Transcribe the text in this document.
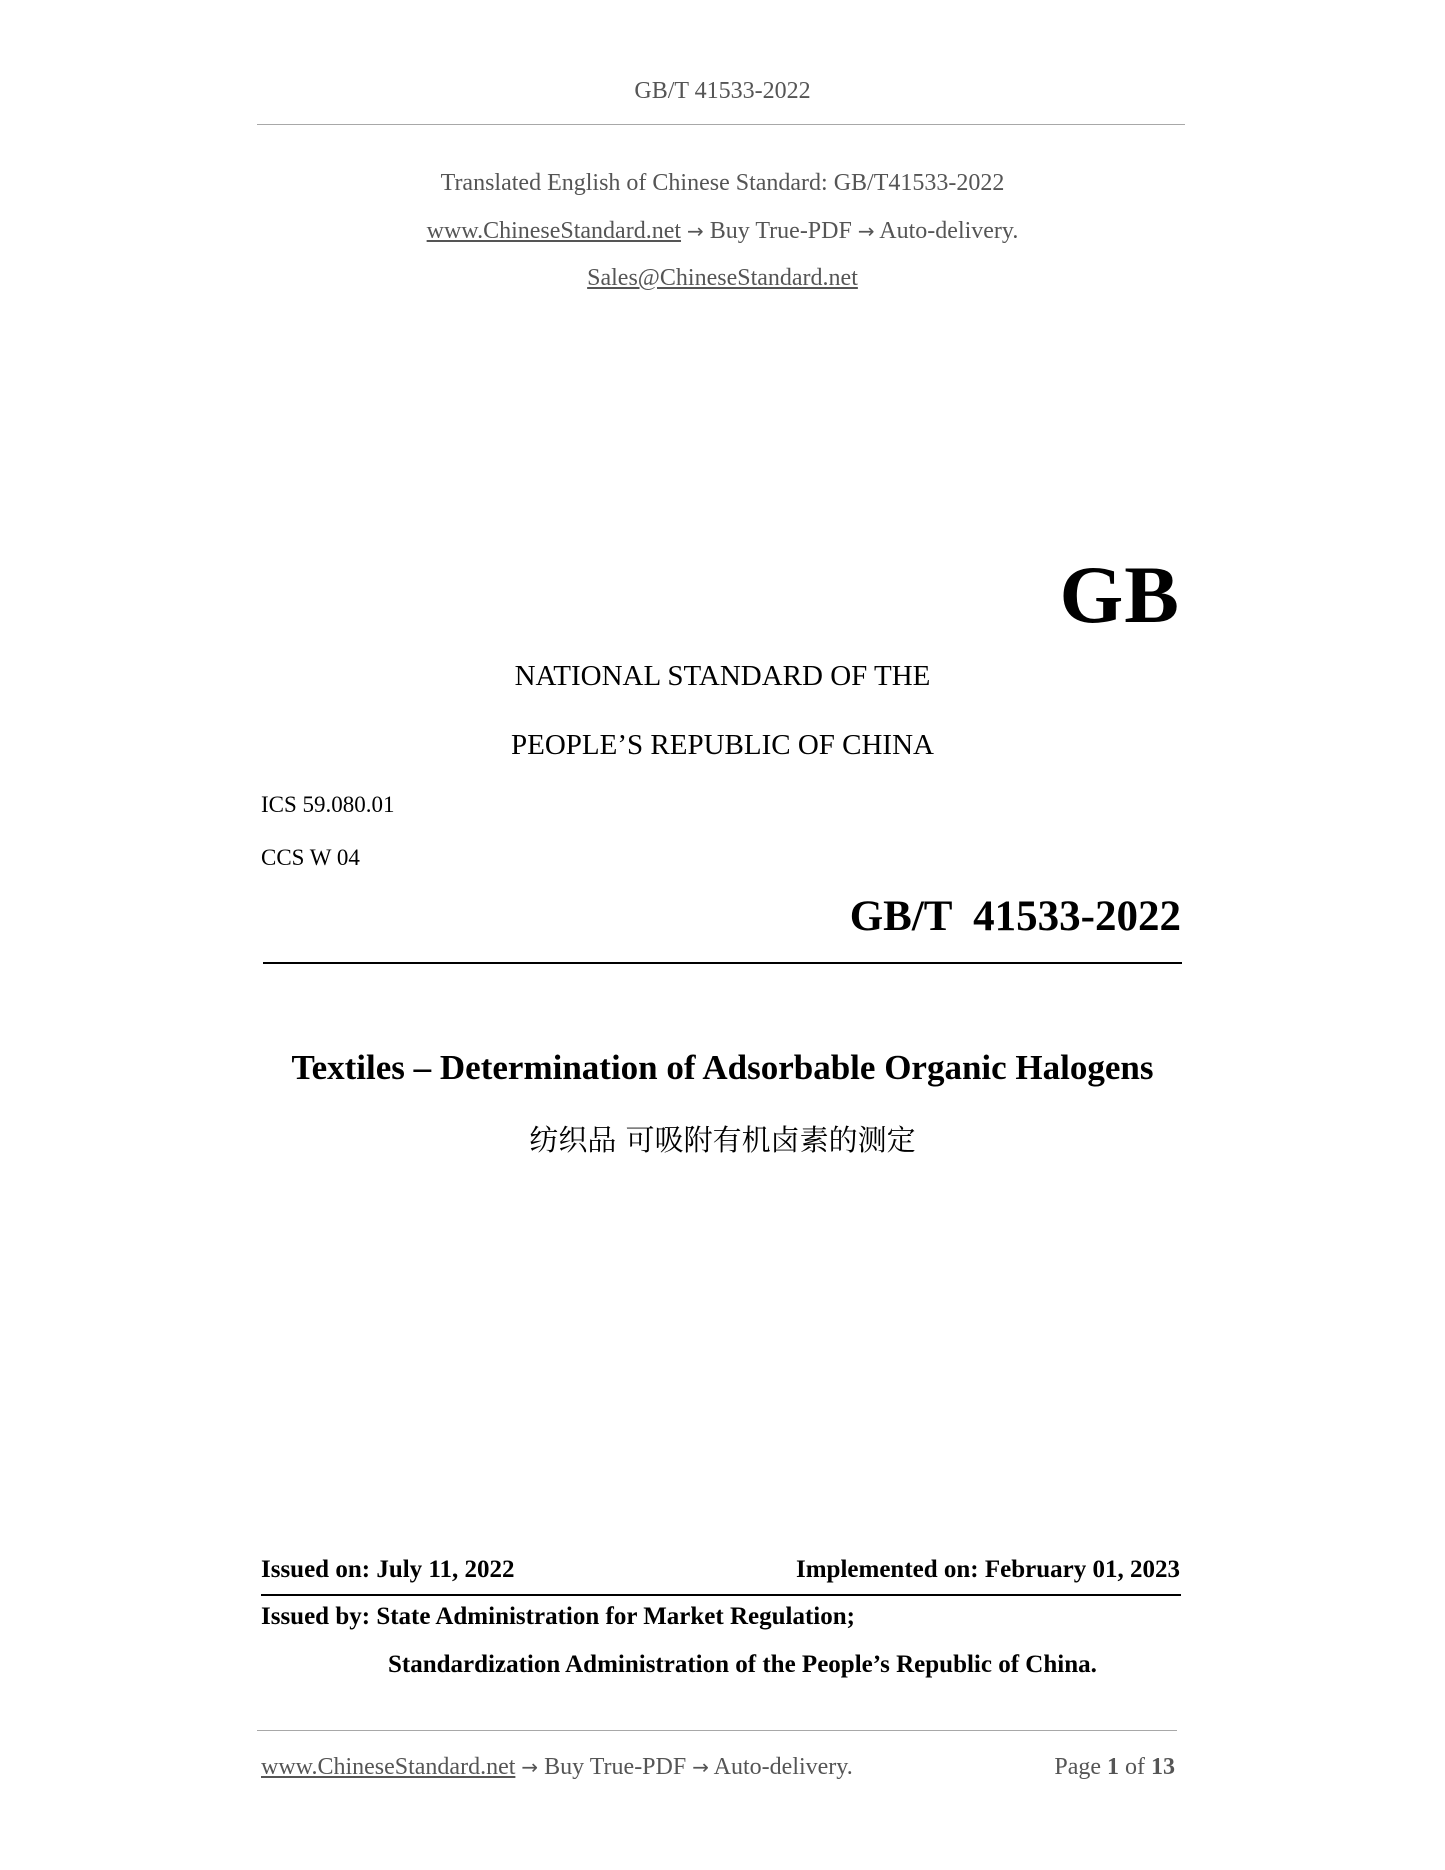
GB/T 41533-2022
Translated English of Chinese Standard: GB/T41533-2022
www.ChineseStandard.net → Buy True-PDF → Auto-delivery.
Sales@ChineseStandard.net
GB
NATIONAL STANDARD OF THE
PEOPLE’S REPUBLIC OF CHINA
ICS 59.080.01
CCS W 04
GB/T  41533-2022
Textiles – Determination of Adsorbable Organic Halogens
纺织品 可吸附有机卤素的测定
Issued on: July 11, 2022	Implemented on: February 01, 2023
Issued by: State Administration for Market Regulation;
Standardization Administration of the People’s Republic of China.
www.ChineseStandard.net → Buy True-PDF → Auto-delivery.	Page 1 of 13
